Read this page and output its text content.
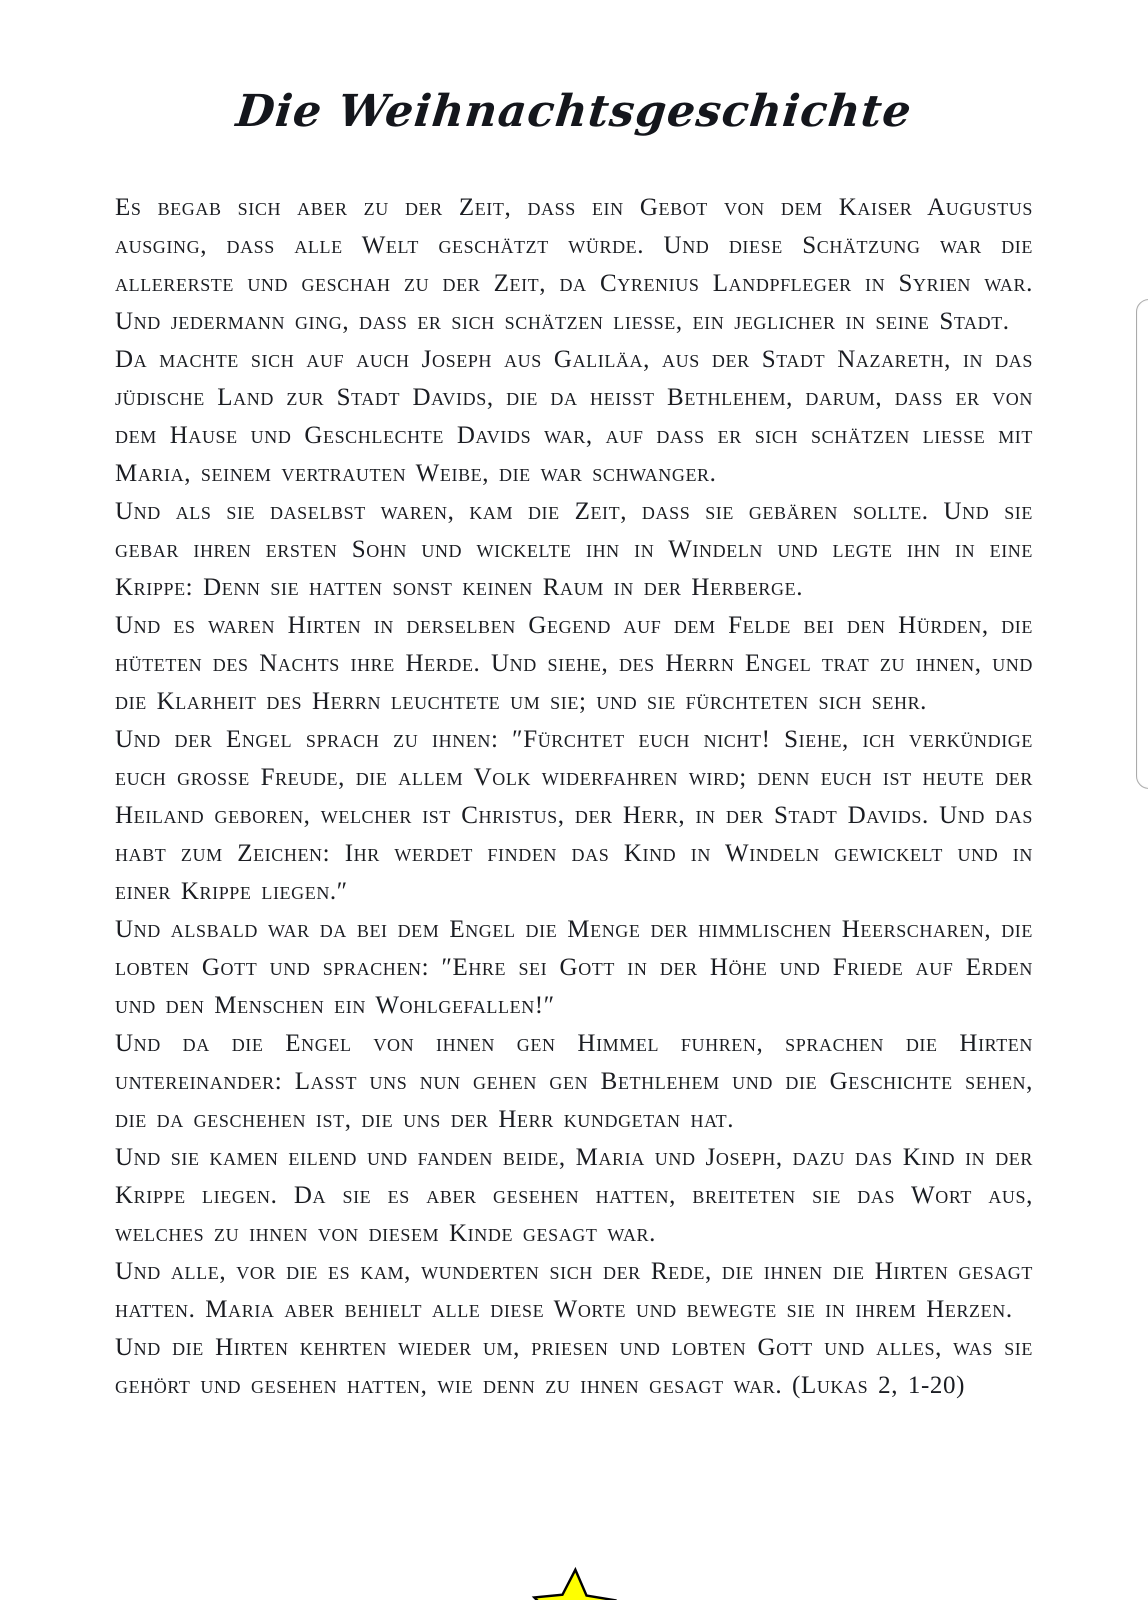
Die Weihnachtsgeschichte

Es begab sich aber zu der Zeit, dass ein Gebot von dem Kaiser Augustus ausging, dass alle Welt geschätzt würde. Und diese Schätzung war die allererste und geschah zu der Zeit, da Cyrenius Landpfleger in Syrien war. Und jedermann ging, dass er sich schätzen liesse, ein jeglicher in seine Stadt.

Da machte sich auf auch Joseph aus Galiläa, aus der Stadt Nazareth, in das jüdische Land zur Stadt Davids, die da heisst Bethlehem, darum, dass er von dem Hause und Geschlechte Davids war, auf dass er sich schätzen liesse mit Maria, seinem vertrauten Weibe, die war schwanger.

Und als sie daselbst waren, kam die Zeit, dass sie gebären sollte. Und sie gebar ihren ersten Sohn und wickelte ihn in Windeln und legte ihn in eine Krippe: Denn sie hatten sonst keinen Raum in der Herberge.

Und es waren Hirten in derselben Gegend auf dem Felde bei den Hürden, die hüteten des Nachts ihre Herde. Und siehe, des Herrn Engel trat zu ihnen, und die Klarheit des Herrn leuchtete um sie; und sie fürchteten sich sehr.

Und der Engel sprach zu ihnen: ″Fürchtet euch nicht! Siehe, ich verkündige euch grosse Freude, die allem Volk widerfahren wird; denn euch ist heute der Heiland geboren, welcher ist Christus, der Herr, in der Stadt Davids. Und das habt zum Zeichen: Ihr werdet finden das Kind in Windeln gewickelt und in einer Krippe liegen.″

Und alsbald war da bei dem Engel die Menge der himmlischen Heerscharen, die lobten Gott und sprachen: ″Ehre sei Gott in der Höhe und Friede auf Erden und den Menschen ein Wohlgefallen!″

Und da die Engel von ihnen gen Himmel fuhren, sprachen die Hirten untereinander: Lasst uns nun gehen gen Bethlehem und die Geschichte sehen, die da geschehen ist, die uns der Herr kundgetan hat.

Und sie kamen eilend und fanden beide, Maria und Joseph, dazu das Kind in der Krippe liegen. Da sie es aber gesehen hatten, breiteten sie das Wort aus, welches zu ihnen von diesem Kinde gesagt war.

Und alle, vor die es kam, wunderten sich der Rede, die ihnen die Hirten gesagt hatten. Maria aber behielt alle diese Worte und bewegte sie in ihrem Herzen.

Und die Hirten kehrten wieder um, priesen und lobten Gott und alles, was sie gehört und gesehen hatten, wie denn zu ihnen gesagt war. (Lukas 2, 1-20)
